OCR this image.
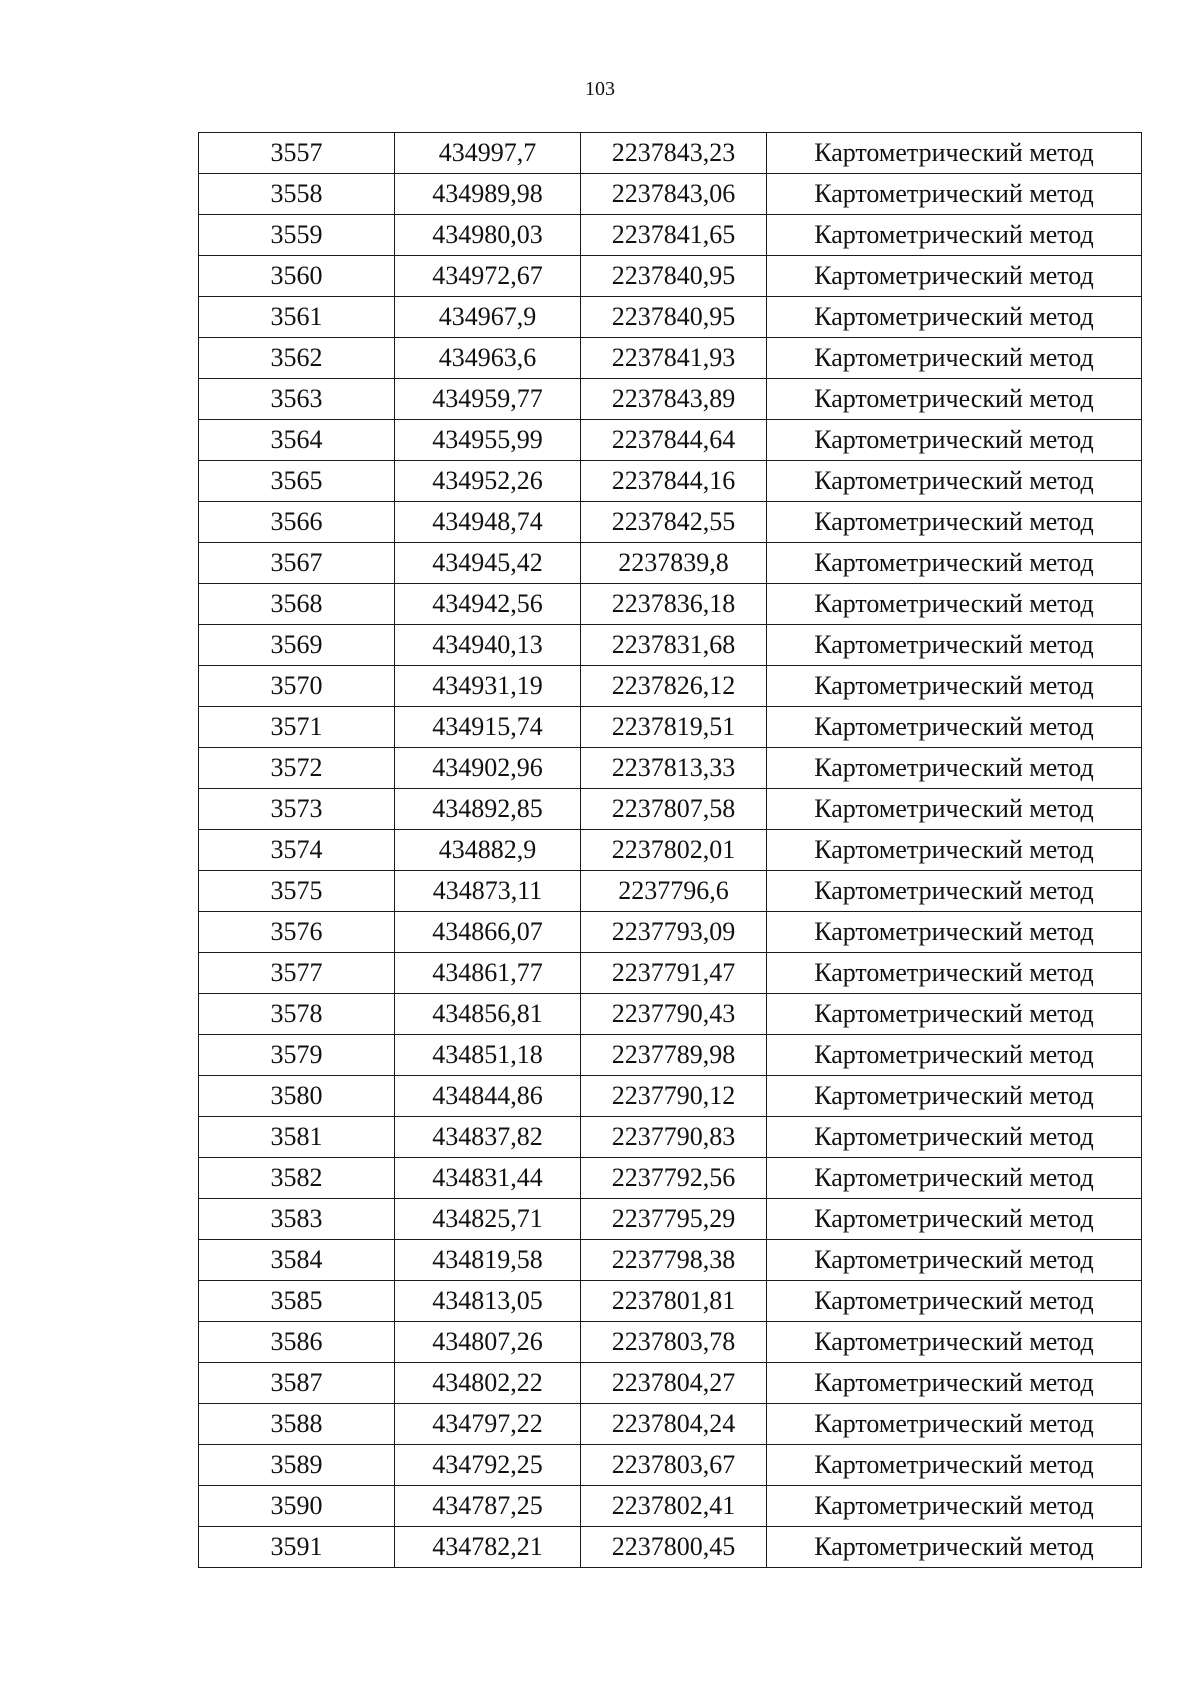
103
3557	434997,7	2237843,23	Картометрический метод
3558	434989,98	2237843,06	Картометрический метод
3559	434980,03	2237841,65	Картометрический метод
3560	434972,67	2237840,95	Картометрический метод
3561	434967,9	2237840,95	Картометрический метод
3562	434963,6	2237841,93	Картометрический метод
3563	434959,77	2237843,89	Картометрический метод
3564	434955,99	2237844,64	Картометрический метод
3565	434952,26	2237844,16	Картометрический метод
3566	434948,74	2237842,55	Картометрический метод
3567	434945,42	2237839,8	Картометрический метод
3568	434942,56	2237836,18	Картометрический метод
3569	434940,13	2237831,68	Картометрический метод
3570	434931,19	2237826,12	Картометрический метод
3571	434915,74	2237819,51	Картометрический метод
3572	434902,96	2237813,33	Картометрический метод
3573	434892,85	2237807,58	Картометрический метод
3574	434882,9	2237802,01	Картометрический метод
3575	434873,11	2237796,6	Картометрический метод
3576	434866,07	2237793,09	Картометрический метод
3577	434861,77	2237791,47	Картометрический метод
3578	434856,81	2237790,43	Картометрический метод
3579	434851,18	2237789,98	Картометрический метод
3580	434844,86	2237790,12	Картометрический метод
3581	434837,82	2237790,83	Картометрический метод
3582	434831,44	2237792,56	Картометрический метод
3583	434825,71	2237795,29	Картометрический метод
3584	434819,58	2237798,38	Картометрический метод
3585	434813,05	2237801,81	Картометрический метод
3586	434807,26	2237803,78	Картометрический метод
3587	434802,22	2237804,27	Картометрический метод
3588	434797,22	2237804,24	Картометрический метод
3589	434792,25	2237803,67	Картометрический метод
3590	434787,25	2237802,41	Картометрический метод
3591	434782,21	2237800,45	Картометрический метод
